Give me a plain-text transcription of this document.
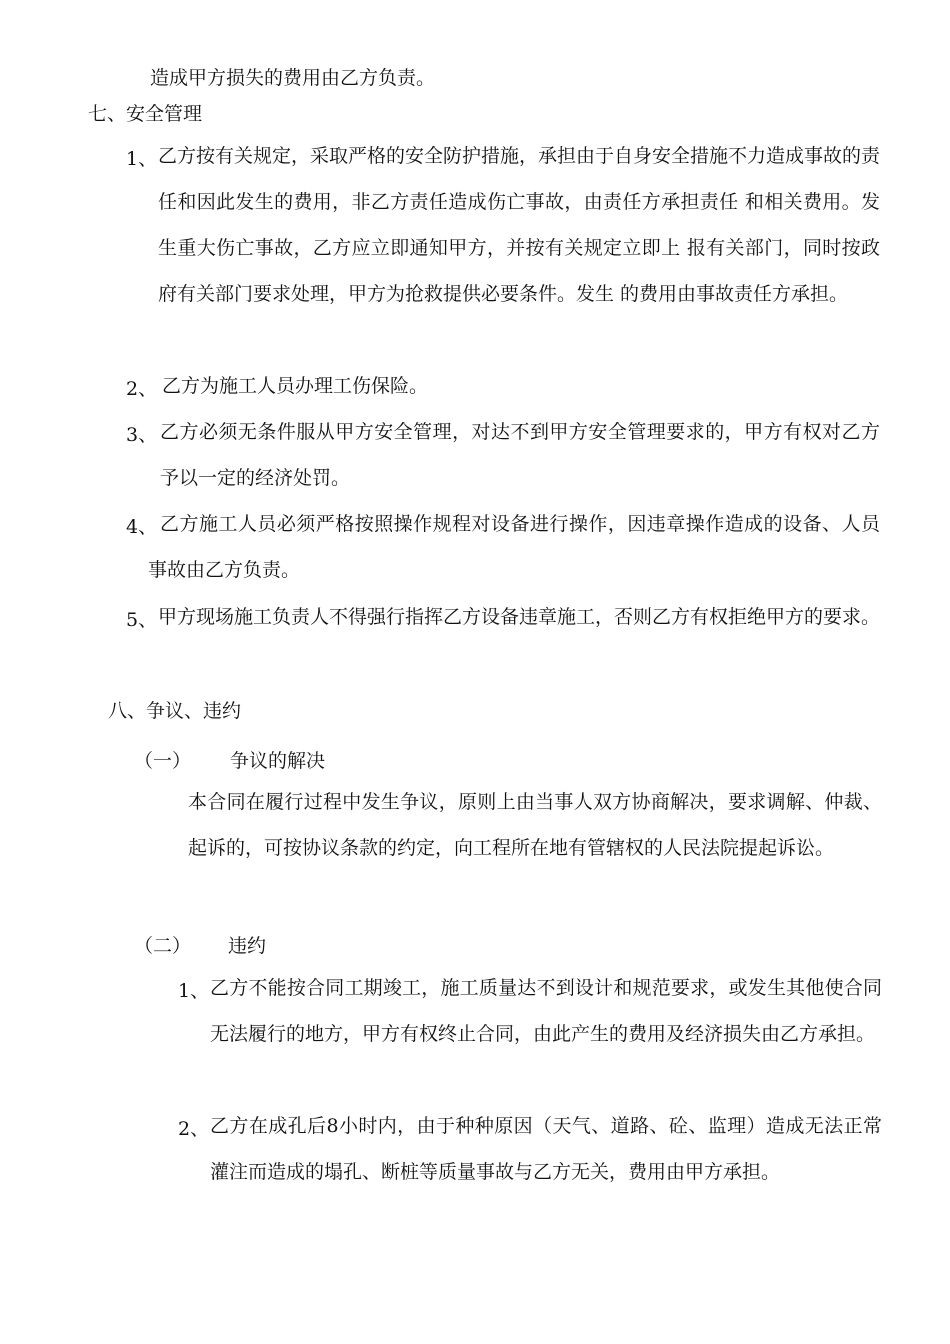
造成甲方损失的费用由乙方负责。
七、安全管理
1、 乙方按有关规定，采取严格的安全防护措施，承担由于自身安全措施不力造成事故的责任和因此发生的费用，非乙方责任造成伤亡事故，由责任方承担责任 和相关费用。发生重大伤亡事故，乙方应立即通知甲方，并按有关规定立即上 报有关部门，同时按政府有关部门要求处理，甲方为抢救提供必要条件。发生 的费用由事故责任方承担。
2、 乙方为施工人员办理工伤保险。
3、 乙方必须无条件服从甲方安全管理，对达不到甲方安全管理要求的，甲方有权对乙方予以一定的经济处罚。
4、 乙方施工人员必须严格按照操作规程对设备进行操作，因违章操作造成的设备、人员事故由乙方负责。
5、 甲方现场施工负责人不得强行指挥乙方设备违章施工，否则乙方有权拒绝甲方的要求。
八、争议、违约
（一） 争议的解决
本合同在履行过程中发生争议，原则上由当事人双方协商解决，要求调解、仲裁、起诉的，可按协议条款的约定，向工程所在地有管辖权的人民法院提起诉讼。
（二） 违约
1、 乙方不能按合同工期竣工，施工质量达不到设计和规范要求，或发生其他使合同无法履行的地方，甲方有权终止合同，由此产生的费用及经济损失由乙方承担。
2、 乙方在成孔后8小时内，由于种种原因（天气、道路、砼、监理）造成无法正常灌注而造成的塌孔、断桩等质量事故与乙方无关，费用由甲方承担。
